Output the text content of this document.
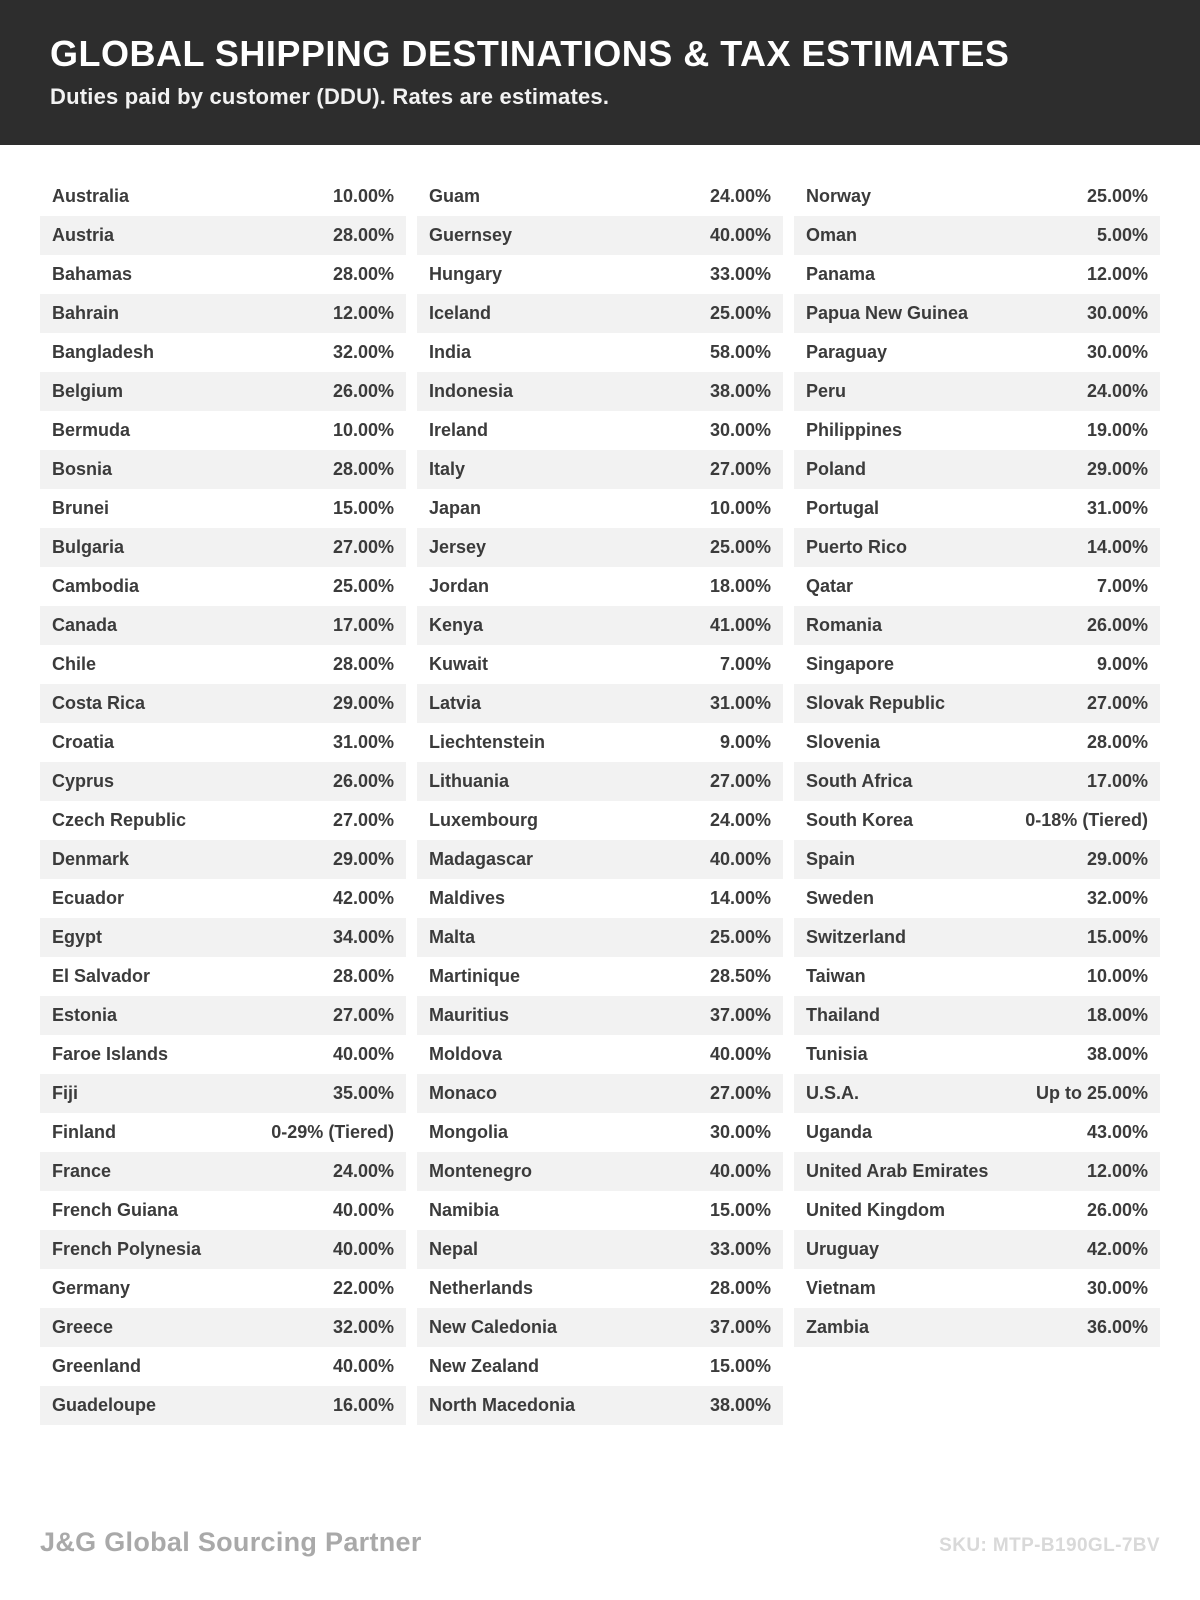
GLOBAL SHIPPING DESTINATIONS & TAX ESTIMATES

Duties paid by customer (DDU). Rates are estimates.

Australia	10.00%
Austria	28.00%
Bahamas	28.00%
Bahrain	12.00%
Bangladesh	32.00%
Belgium	26.00%
Bermuda	10.00%
Bosnia	28.00%
Brunei	15.00%
Bulgaria	27.00%
Cambodia	25.00%
Canada	17.00%
Chile	28.00%
Costa Rica	29.00%
Croatia	31.00%
Cyprus	26.00%
Czech Republic	27.00%
Denmark	29.00%
Ecuador	42.00%
Egypt	34.00%
El Salvador	28.00%
Estonia	27.00%
Faroe Islands	40.00%
Fiji	35.00%
Finland	0-29% (Tiered)
France	24.00%
French Guiana	40.00%
French Polynesia	40.00%
Germany	22.00%
Greece	32.00%
Greenland	40.00%
Guadeloupe	16.00%
Guam	24.00%
Guernsey	40.00%
Hungary	33.00%
Iceland	25.00%
India	58.00%
Indonesia	38.00%
Ireland	30.00%
Italy	27.00%
Japan	10.00%
Jersey	25.00%
Jordan	18.00%
Kenya	41.00%
Kuwait	7.00%
Latvia	31.00%
Liechtenstein	9.00%
Lithuania	27.00%
Luxembourg	24.00%
Madagascar	40.00%
Maldives	14.00%
Malta	25.00%
Martinique	28.50%
Mauritius	37.00%
Moldova	40.00%
Monaco	27.00%
Mongolia	30.00%
Montenegro	40.00%
Namibia	15.00%
Nepal	33.00%
Netherlands	28.00%
New Caledonia	37.00%
New Zealand	15.00%
North Macedonia	38.00%
Norway	25.00%
Oman	5.00%
Panama	12.00%
Papua New Guinea	30.00%
Paraguay	30.00%
Peru	24.00%
Philippines	19.00%
Poland	29.00%
Portugal	31.00%
Puerto Rico	14.00%
Qatar	7.00%
Romania	26.00%
Singapore	9.00%
Slovak Republic	27.00%
Slovenia	28.00%
South Africa	17.00%
South Korea	0-18% (Tiered)
Spain	29.00%
Sweden	32.00%
Switzerland	15.00%
Taiwan	10.00%
Thailand	18.00%
Tunisia	38.00%
U.S.A.	Up to 25.00%
Uganda	43.00%
United Arab Emirates	12.00%
United Kingdom	26.00%
Uruguay	42.00%
Vietnam	30.00%
Zambia	36.00%
J&G Global Sourcing Partner	SKU: MTP-B190GL-7BV
